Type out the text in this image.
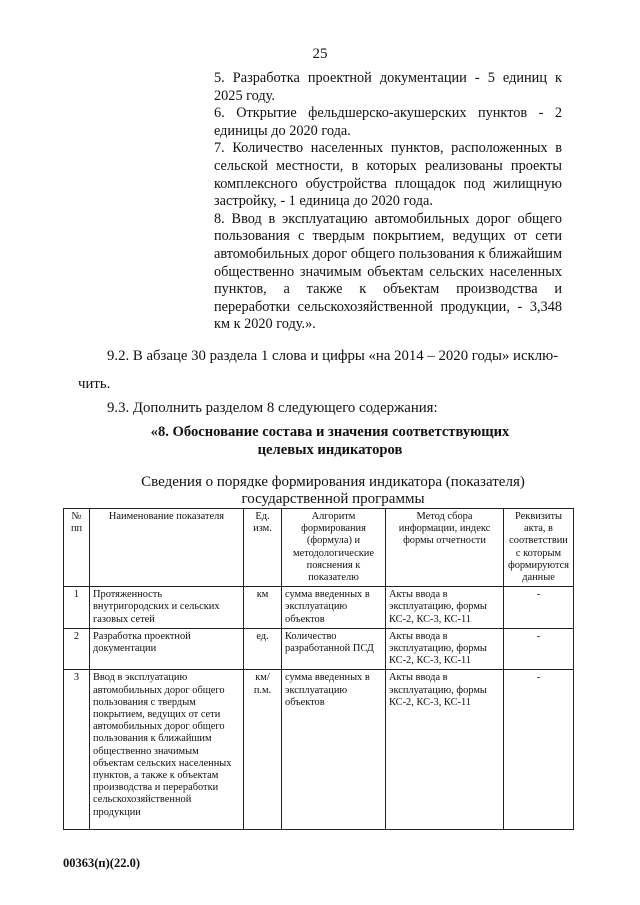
25

5. Разработка проектной документации - 5 единиц к 2025 году.

6. Открытие фельдшерско-акушерских пунктов - 2 единицы до 2020 года.

7. Количество населенных пунктов, расположенных в сельской местности, в которых реализованы проекты комплексного обустройства площадок под жилищную застройку, - 1 единица до 2020 года.

8. Ввод в эксплуатацию автомобильных дорог общего пользования с твердым покрытием, ведущих от сети автомобильных дорог общего пользования к ближайшим общественно значимым объектам сельских населенных пунктов, а также к объектам производства и переработки сельскохозяйственной продукции, - 3,348 км к 2020 году.».

9.2. В абзаце 30 раздела 1 слова и цифры «на 2014 – 2020 годы» исклю-
чить.
9.3. Дополнить разделом 8 следующего содержания:
«8. Обоснование состава и значения соответствующих целевых индикаторов
Сведения о порядке формирования индикатора (показателя) государственной программы
№ пп	Наименование показателя	Ед. изм.	Алгоритм формирования (формула) и методологические пояснения к показателю	Метод сбора информации, индекс формы отчетности	Реквизиты акта, в соответствии с которым формируются данные
1	Протяженность внутригородских и сельских газовых сетей	км	сумма введенных в эксплуатацию объектов	Акты ввода в эксплуатацию, формы КС-2, КС-3, КС-11	-
2	Разработка проектной документации	ед.	Количество разработанной ПСД	Акты ввода в эксплуатацию, формы КС-2, КС-3, КС-11	-
3	Ввод в эксплуатацию автомобильных дорог общего пользования с твердым покрытием, ведущих от сети автомобильных дорог общего пользования к ближайшим общественно значимым объектам сельских населенных пунктов, а также к объектам производства и переработки сельскохозяйственной продукции	км/ п.м.	сумма введенных в эксплуатацию объектов	Акты ввода в эксплуатацию, формы КС-2, КС-3, КС-11	-
00363(п)(22.0)
